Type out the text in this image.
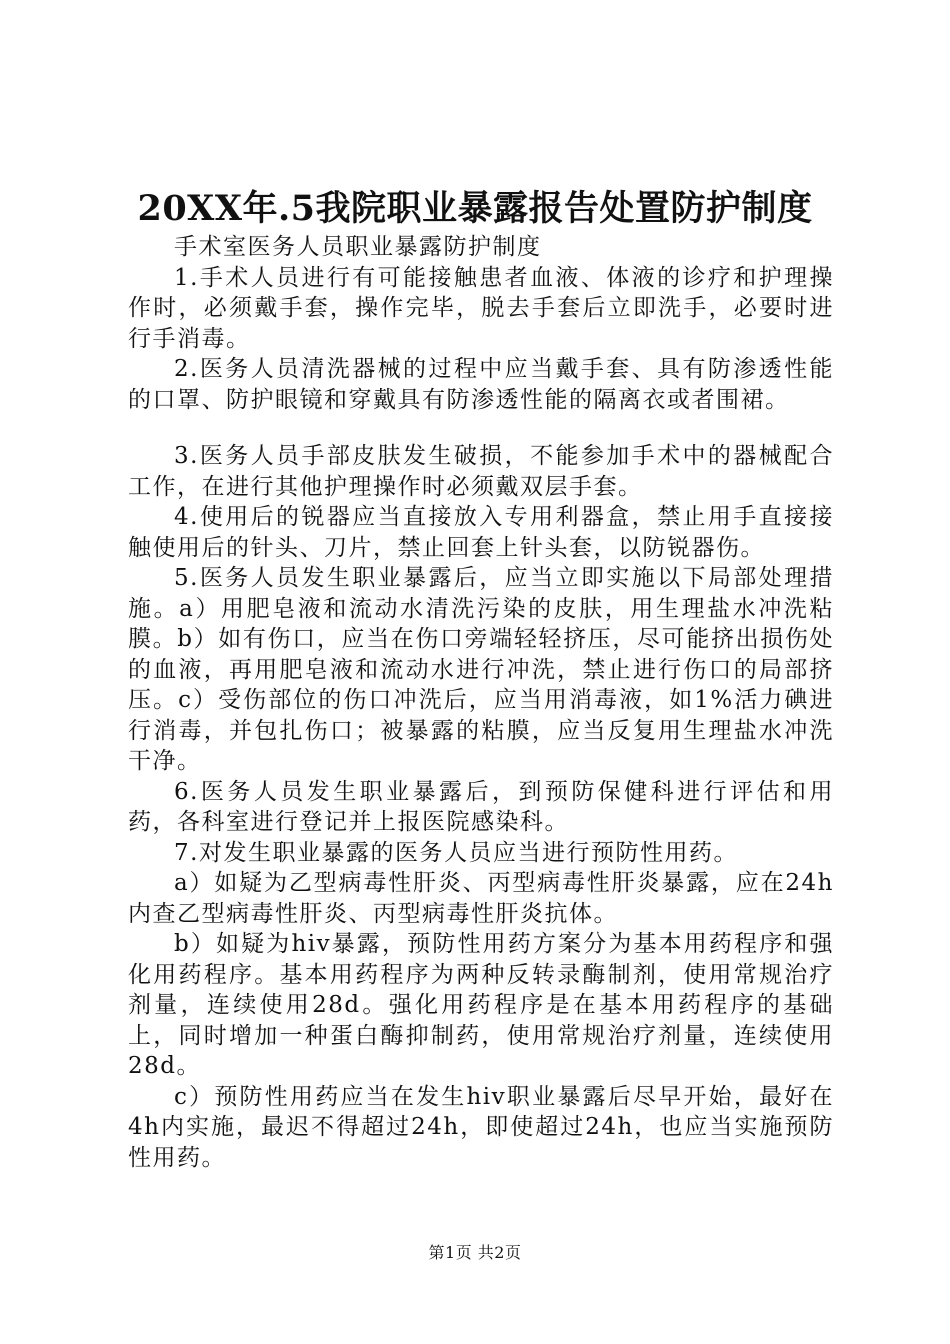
20XX年.5我院职业暴露报告处置防护制度

手术室医务人员职业暴露防护制度

1.手术人员进行有可能接触患者血液、体液的诊疗和护理操作时，必须戴手套，操作完毕，脱去手套后立即洗手，必要时进行手消毒。

2.医务人员清洗器械的过程中应当戴手套、具有防渗透性能的口罩、防护眼镜和穿戴具有防渗透性能的隔离衣或者围裙。

3.医务人员手部皮肤发生破损，不能参加手术中的器械配合工作，在进行其他护理操作时必须戴双层手套。

4.使用后的锐器应当直接放入专用利器盒，禁止用手直接接触使用后的针头、刀片，禁止回套上针头套，以防锐器伤。

5.医务人员发生职业暴露后，应当立即实施以下局部处理措施。a）用肥皂液和流动水清洗污染的皮肤，用生理盐水冲洗粘膜。b）如有伤口，应当在伤口旁端轻轻挤压，尽可能挤出损伤处的血液，再用肥皂液和流动水进行冲洗，禁止进行伤口的局部挤压。c）受伤部位的伤口冲洗后，应当用消毒液，如1%活力碘进行消毒，并包扎伤口；被暴露的粘膜，应当反复用生理盐水冲洗干净。

6.医务人员发生职业暴露后，到预防保健科进行评估和用药，各科室进行登记并上报医院感染科。

7.对发生职业暴露的医务人员应当进行预防性用药。

a）如疑为乙型病毒性肝炎、丙型病毒性肝炎暴露，应在24h内查乙型病毒性肝炎、丙型病毒性肝炎抗体。

b）如疑为hiv暴露，预防性用药方案分为基本用药程序和强化用药程序。基本用药程序为两种反转录酶制剂，使用常规治疗剂量，连续使用28d。强化用药程序是在基本用药程序的基础上，同时增加一种蛋白酶抑制药，使用常规治疗剂量，连续使用28d。

c）预防性用药应当在发生hiv职业暴露后尽早开始，最好在4h内实施，最迟不得超过24h，即使超过24h，也应当实施预防性用药。

第1页 共2页
